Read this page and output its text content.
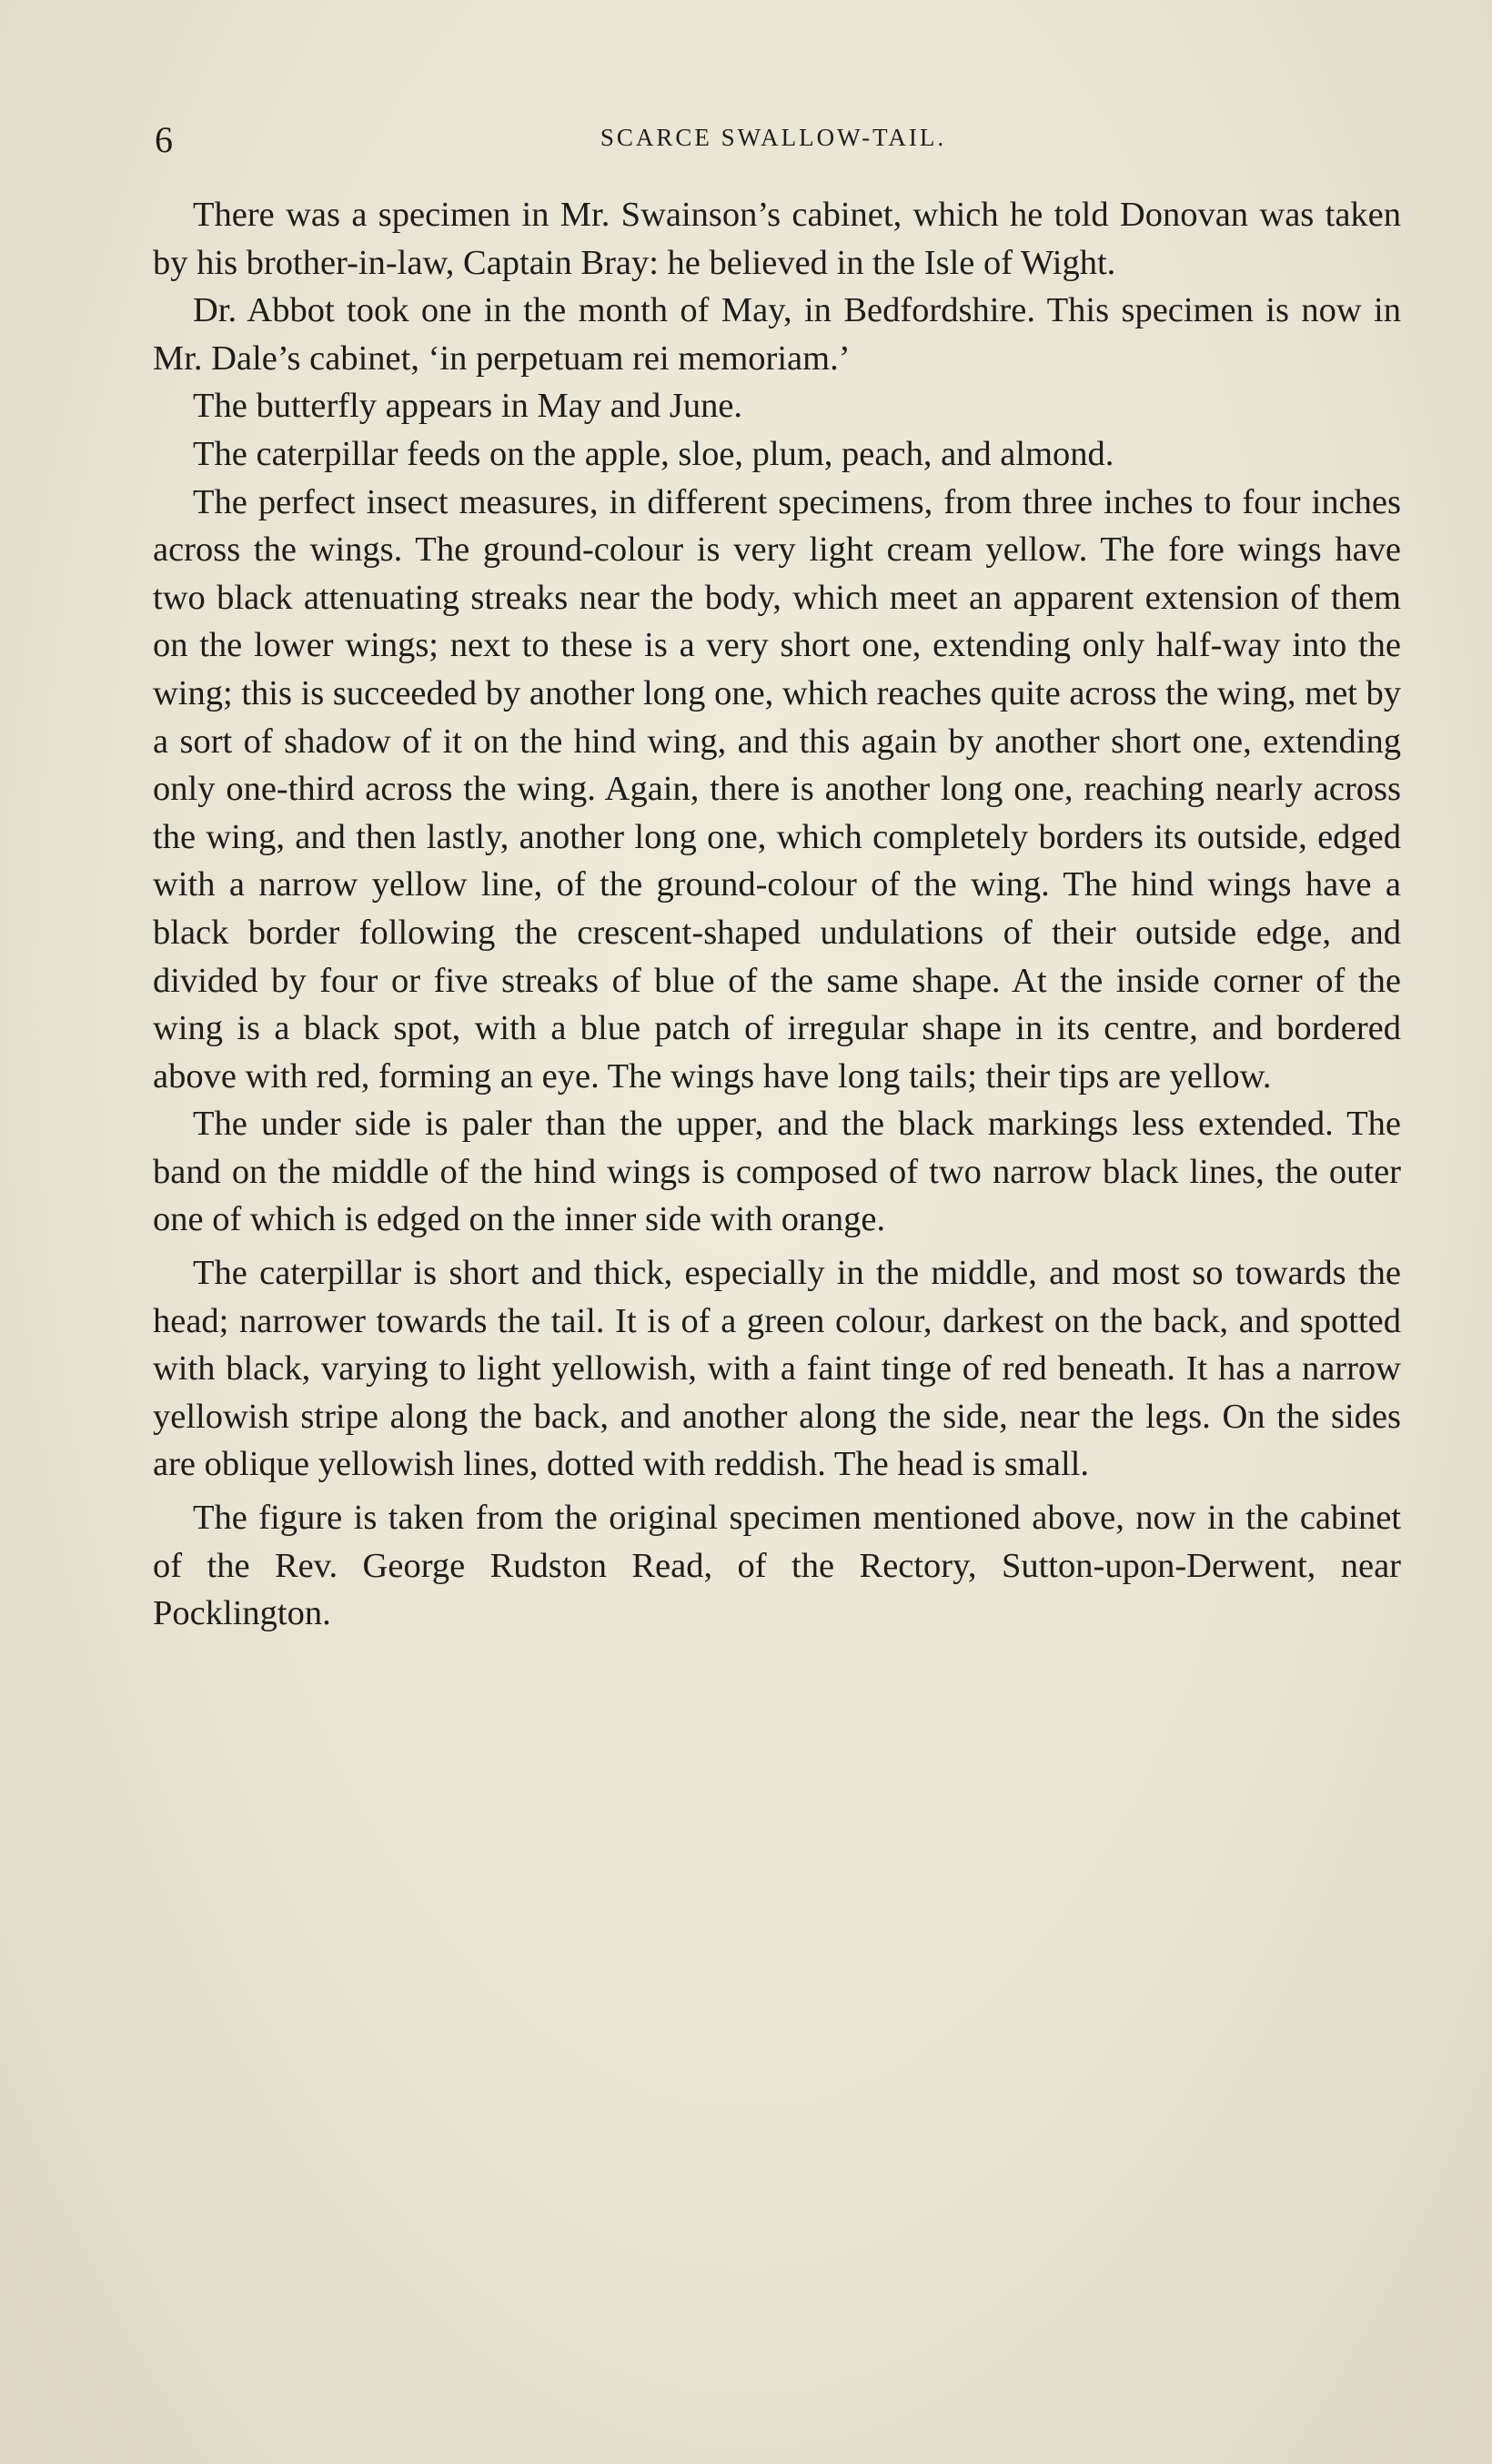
6	SCARCE SWALLOW-TAIL.

There was a specimen in Mr. Swainson’s cabinet, which he told Donovan was taken by his brother-in-law, Captain Bray: he believed in the Isle of Wight.

Dr. Abbot took one in the month of May, in Bedfordshire. This specimen is now in Mr. Dale’s cabinet, ‘in perpetuam rei memoriam.’

The butterfly appears in May and June.

The caterpillar feeds on the apple, sloe, plum, peach, and almond.

The perfect insect measures, in different specimens, from three inches to four inches across the wings. The ground-colour is very light cream yellow. The fore wings have two black attenuating streaks near the body, which meet an apparent extension of them on the lower wings; next to these is a very short one, extending only half-way into the wing; this is succeeded by another long one, which reaches quite across the wing, met by a sort of shadow of it on the hind wing, and this again by another short one, extending only one-third across the wing. Again, there is another long one, reaching nearly across the wing, and then lastly, another long one, which completely borders its outside, edged with a narrow yellow line, of the ground-colour of the wing. The hind wings have a black border following the crescent-shaped undulations of their outside edge, and divided by four or five streaks of blue of the same shape. At the inside corner of the wing is a black spot, with a blue patch of irregular shape in its centre, and bordered above with red, forming an eye. The wings have long tails; their tips are yellow.

The under side is paler than the upper, and the black markings less extended. The band on the middle of the hind wings is composed of two narrow black lines, the outer one of which is edged on the inner side with orange.

The caterpillar is short and thick, especially in the middle, and most so towards the head; narrower towards the tail. It is of a green colour, darkest on the back, and spotted with black, varying to light yellowish, with a faint tinge of red beneath. It has a narrow yellowish stripe along the back, and another along the side, near the legs. On the sides are oblique yellowish lines, dotted with reddish. The head is small.

The figure is taken from the original specimen mentioned above, now in the cabinet of the Rev. George Rudston Read, of the Rectory, Sutton-upon-Derwent, near Pocklington.
